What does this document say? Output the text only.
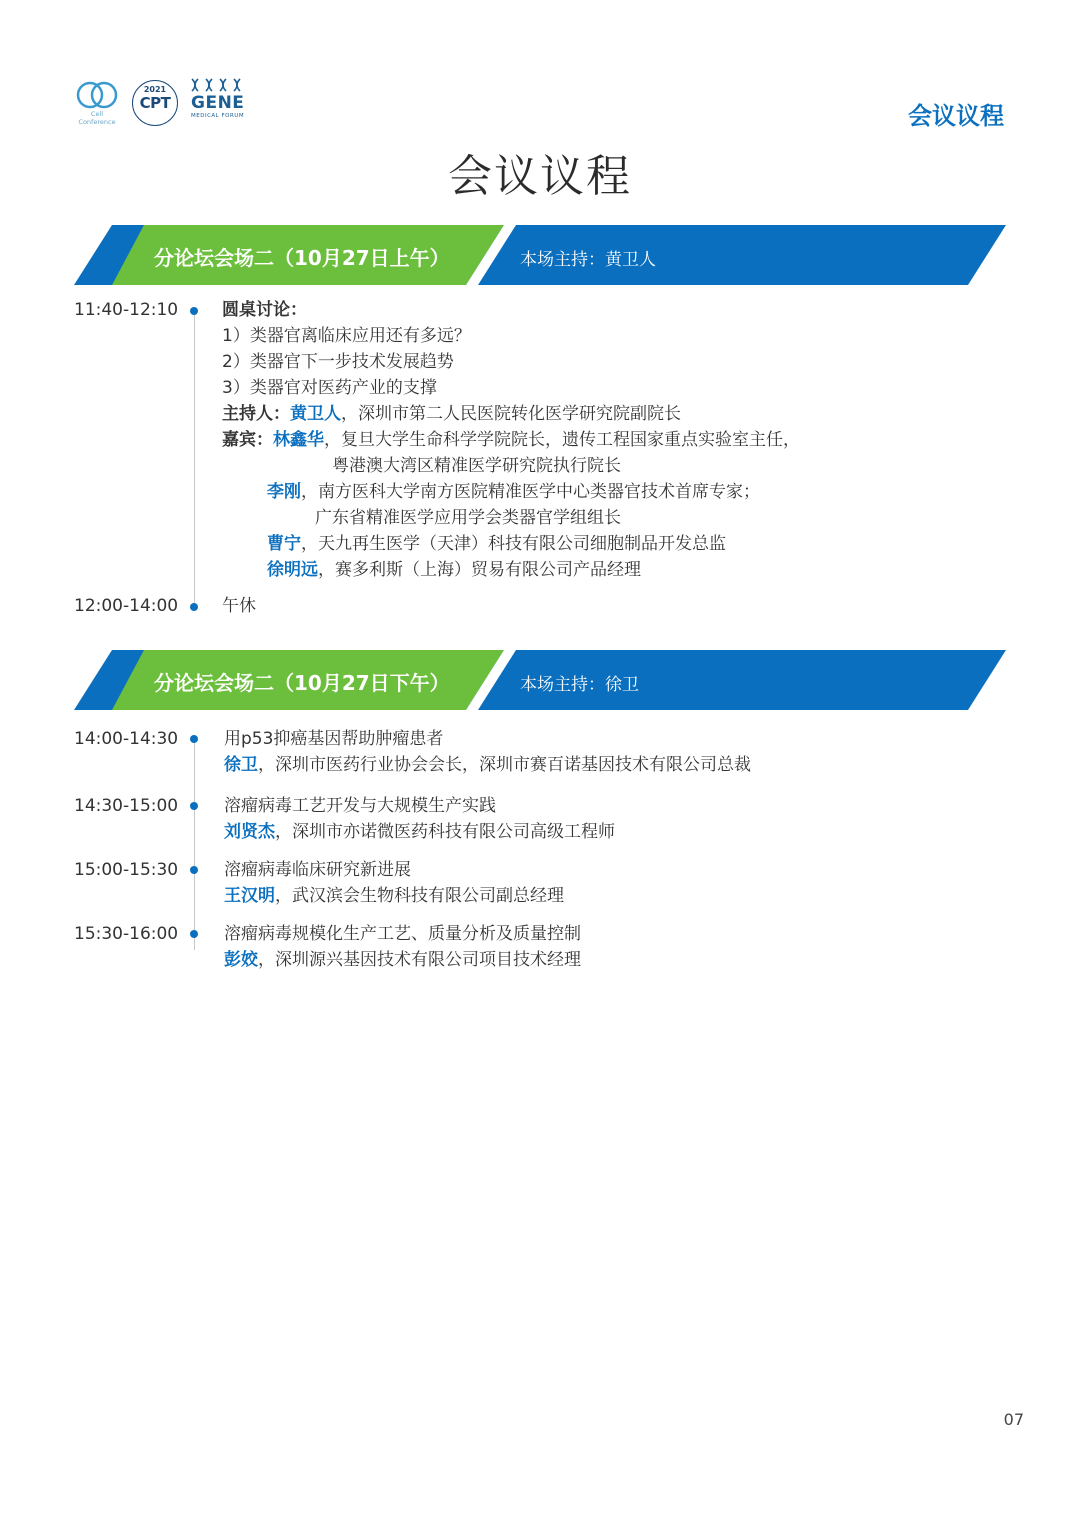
Cell Conference
2021
CPT	GENE
MEDICAL FORUM	会议议程
会议议程
分论坛会场二（10月27日上午）	本场主持：黄卫人
11:40-12:10	圆桌讨论：
1）类器官离临床应用还有多远？
2）类器官下一步技术发展趋势
3）类器官对医药产业的支撑
主持人：黄卫人，深圳市第二人民医院转化医学研究院副院长
嘉宾：林鑫华，复旦大学生命科学学院院长，遗传工程国家重点实验室主任，
粤港澳大湾区精准医学研究院执行院长
李刚，南方医科大学南方医院精准医学中心类器官技术首席专家；
广东省精准医学应用学会类器官学组组长
曹宁，天九再生医学（天津）科技有限公司细胞制品开发总监
徐明远，赛多利斯（上海）贸易有限公司产品经理
12:00-14:00	午休
分论坛会场二（10月27日下午）	本场主持：徐卫
14:00-14:30	用p53抑癌基因帮助肿瘤患者
徐卫，深圳市医药行业协会会长，深圳市赛百诺基因技术有限公司总裁
14:30-15:00	溶瘤病毒工艺开发与大规模生产实践
刘贤杰，深圳市亦诺微医药科技有限公司高级工程师
15:00-15:30	溶瘤病毒临床研究新进展
王汉明，武汉滨会生物科技有限公司副总经理
15:30-16:00	溶瘤病毒规模化生产工艺、质量分析及质量控制
彭姣，深圳源兴基因技术有限公司项目技术经理
07
